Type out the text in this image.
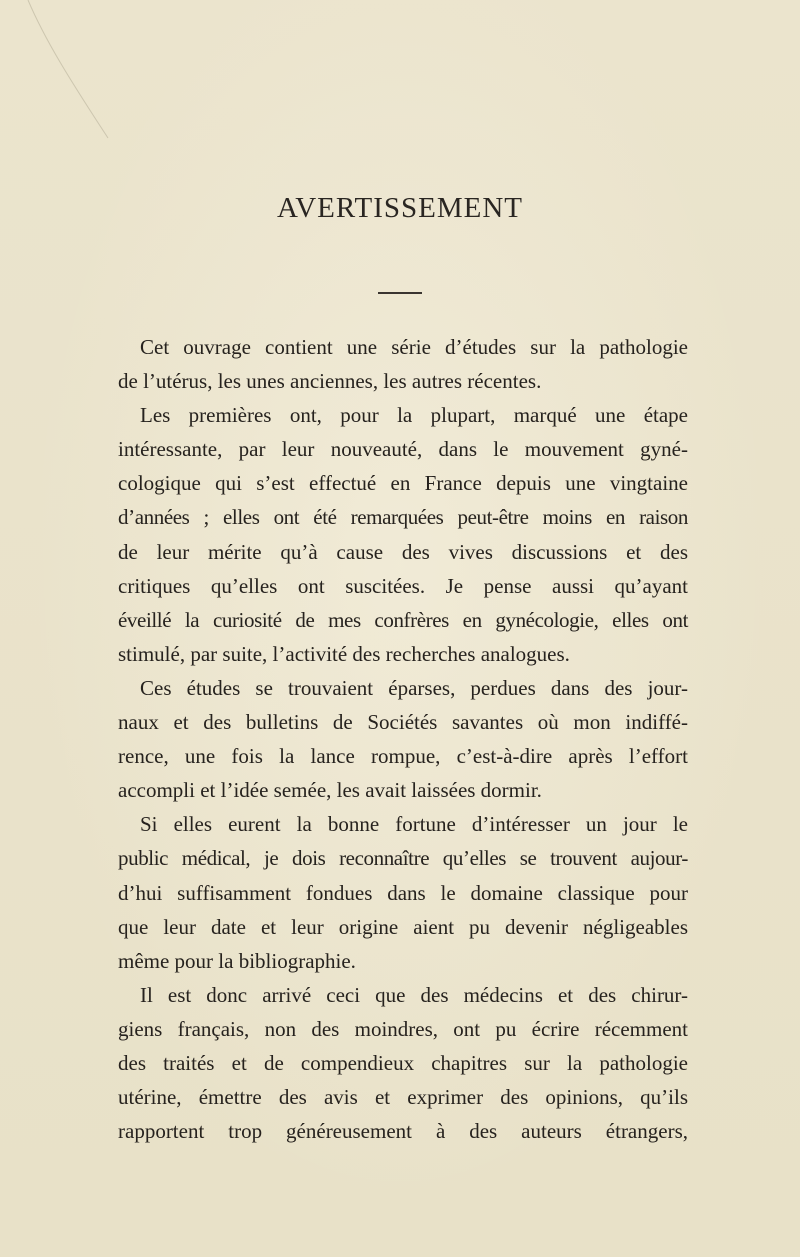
AVERTISSEMENT
Cet ouvrage contient une série d’études sur la pathologie
de l’utérus, les unes anciennes, les autres récentes.
Les premières ont, pour la plupart, marqué une étape
intéressante, par leur nouveauté, dans le mouvement gyné-
cologique qui s’est effectué en France depuis une vingtaine
d’années ; elles ont été remarquées peut-être moins en raison
de leur mérite qu’à cause des vives discussions et des
critiques qu’elles ont suscitées. Je pense aussi qu’ayant
éveillé la curiosité de mes confrères en gynécologie, elles ont
stimulé, par suite, l’activité des recherches analogues.
Ces études se trouvaient éparses, perdues dans des jour-
naux et des bulletins de Sociétés savantes où mon indiffé-
rence, une fois la lance rompue, c’est-à-dire après l’effort
accompli et l’idée semée, les avait laissées dormir.
Si elles eurent la bonne fortune d’intéresser un jour le
public médical, je dois reconnaître qu’elles se trouvent aujour-
d’hui suffisamment fondues dans le domaine classique pour
que leur date et leur origine aient pu devenir négligeables
même pour la bibliographie.
Il est donc arrivé ceci que des médecins et des chirur-
giens français, non des moindres, ont pu écrire récemment
des traités et de compendieux chapitres sur la pathologie
utérine, émettre des avis et exprimer des opinions, qu’ils
rapportent trop généreusement à des auteurs étrangers,
